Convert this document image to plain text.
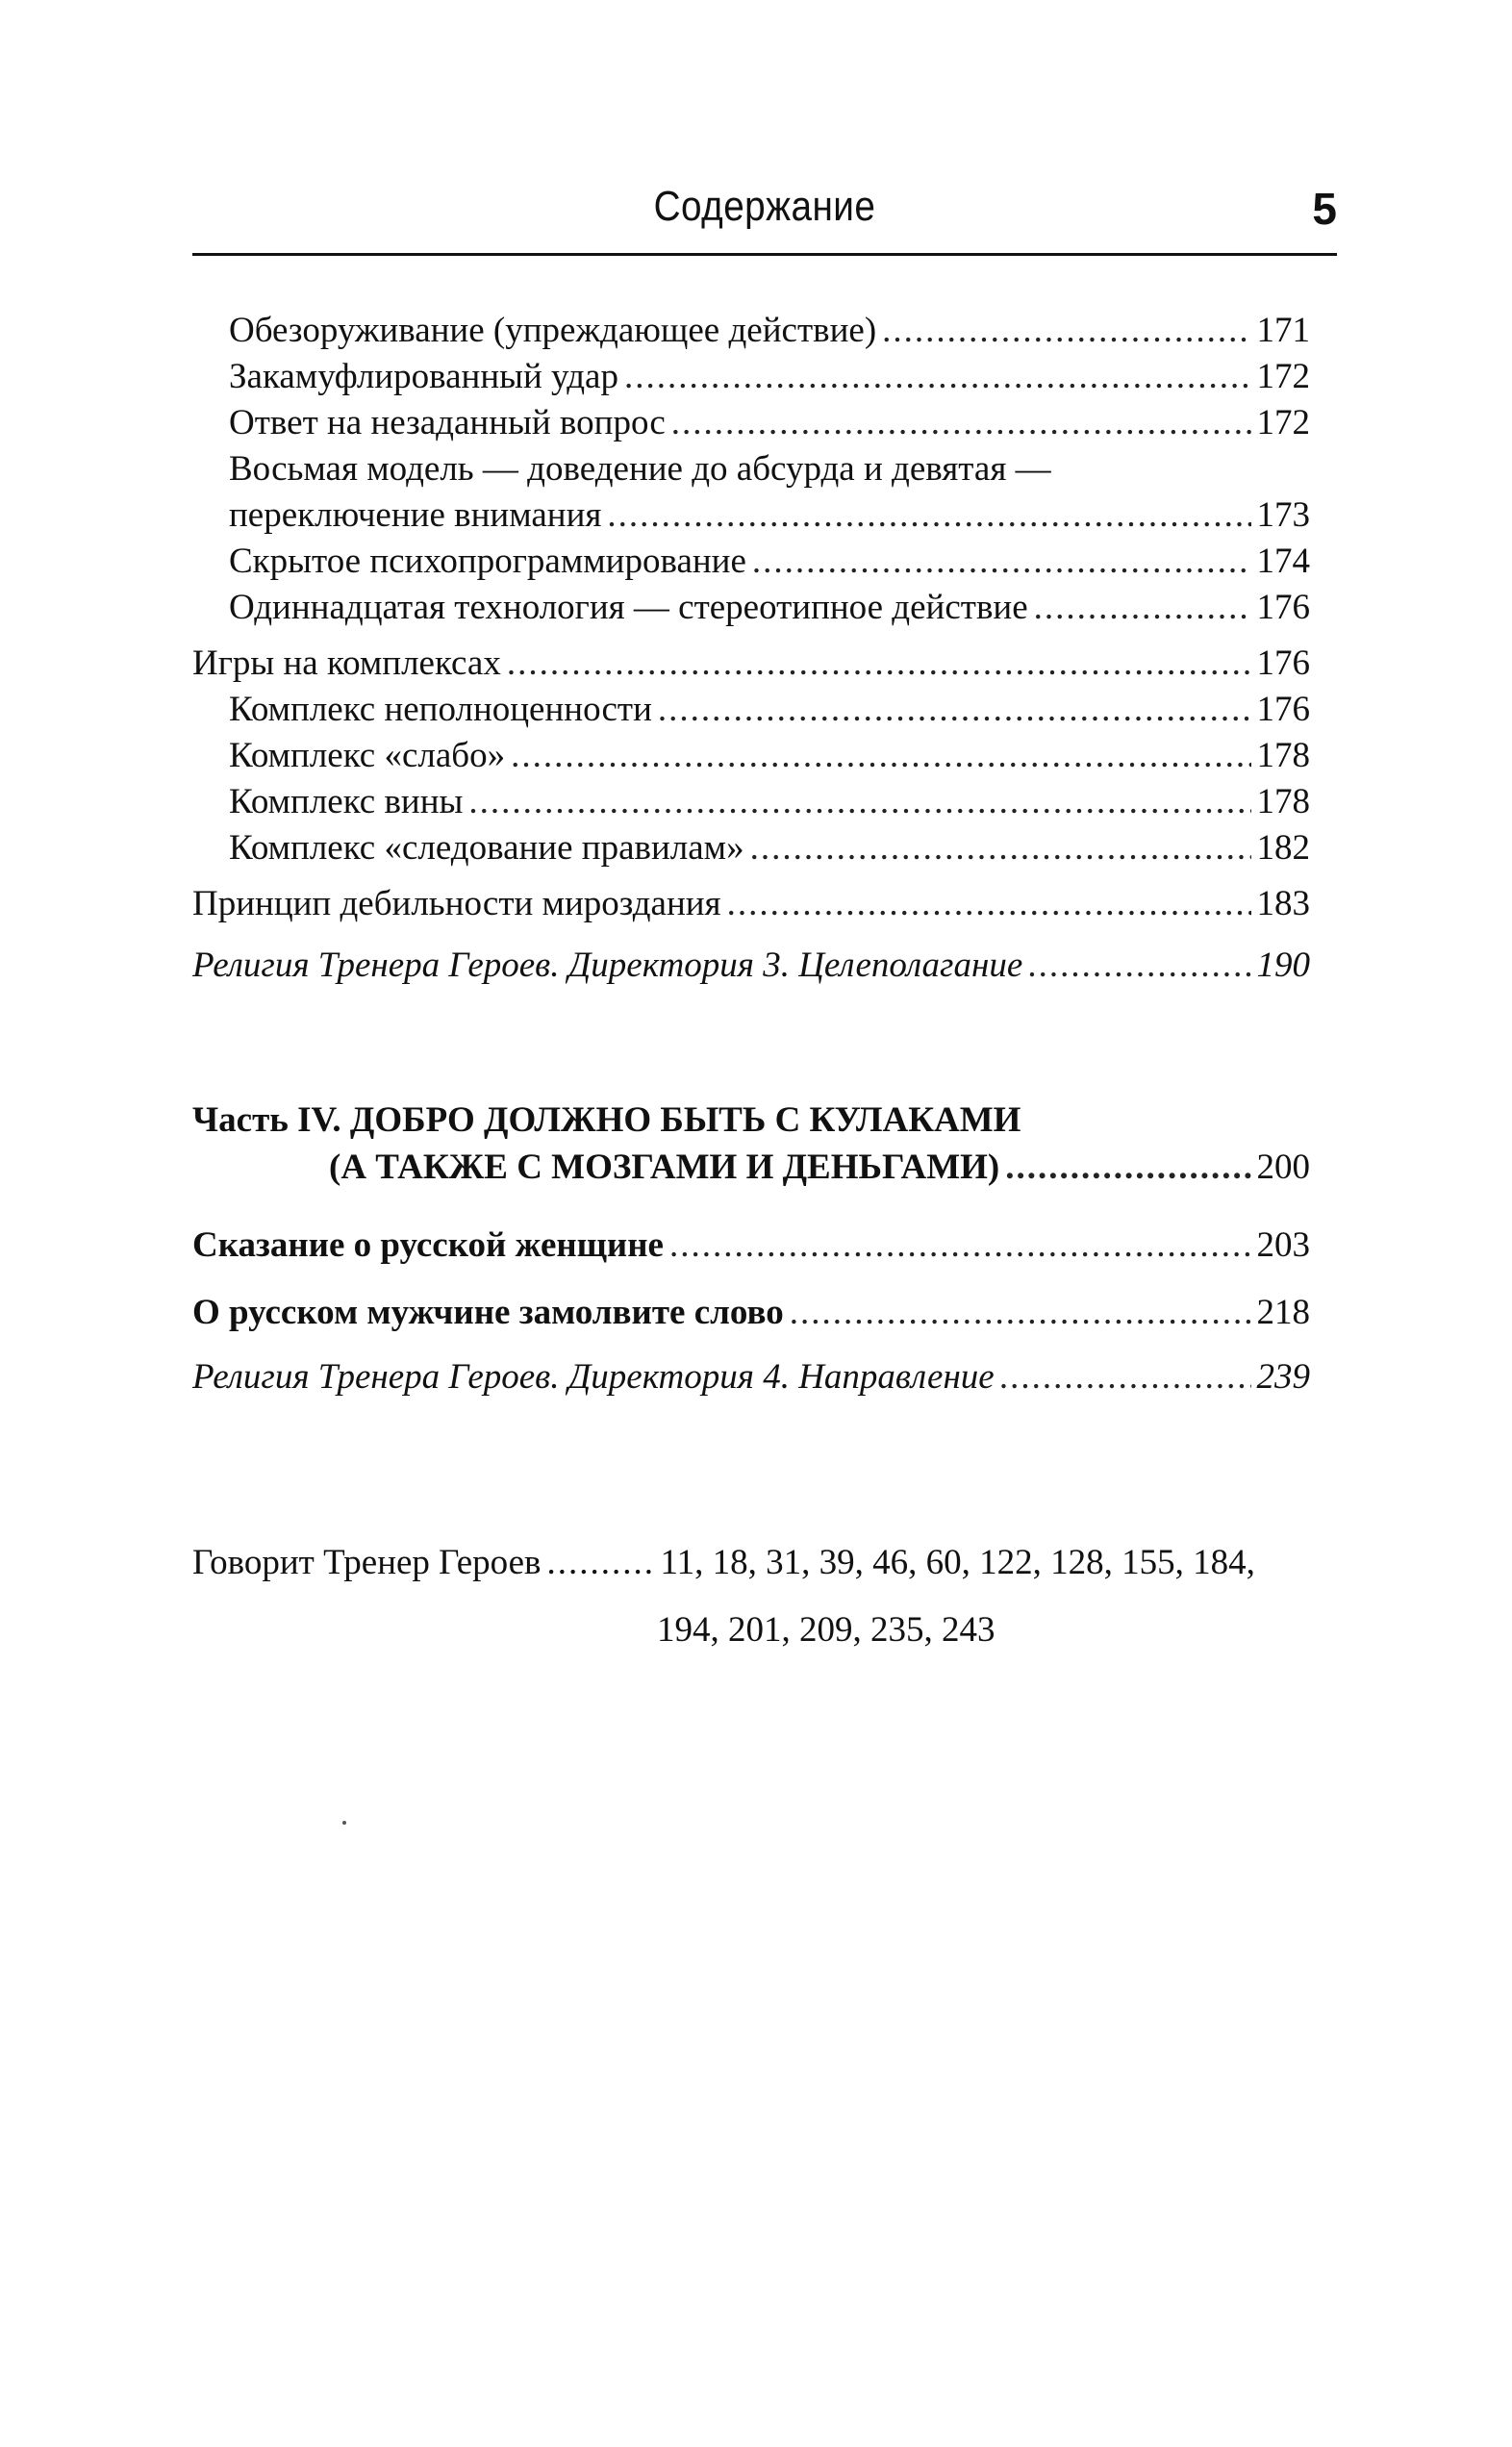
Содержание	5
Обезоруживание (упреждающее действие) .....	171
Закамуфлированный удар .....	172
Ответ на незаданный вопрос .....	172
Восьмая модель — доведение до абсурда и девятая —
переключение внимания .....	173
Скрытое психопрограммирование .....	174
Одиннадцатая технология — стереотипное действие .....	176
Игры на комплексах .....	176
Комплекс неполноценности .....	176
Комплекс «слабо» .....	178
Комплекс вины .....	178
Комплекс «следование правилам» .....	182
Принцип дебильности мироздания .....	183
Религия Тренера Героев. Директория 3. Целеполагание .....	190
Часть IV. ДОБРО ДОЛЖНО БЫТЬ С КУЛАКАМИ
(А ТАКЖЕ С МОЗГАМИ И ДЕНЬГАМИ) .....	200
Сказание о русской женщине .....	203
О русском мужчине замолвите слово .....	218
Религия Тренера Героев. Директория 4. Направление .....	239
Говорит Тренер Героев .....	11, 18, 31, 39, 46, 60, 122, 128, 155, 184,
194, 201, 209, 235, 243
